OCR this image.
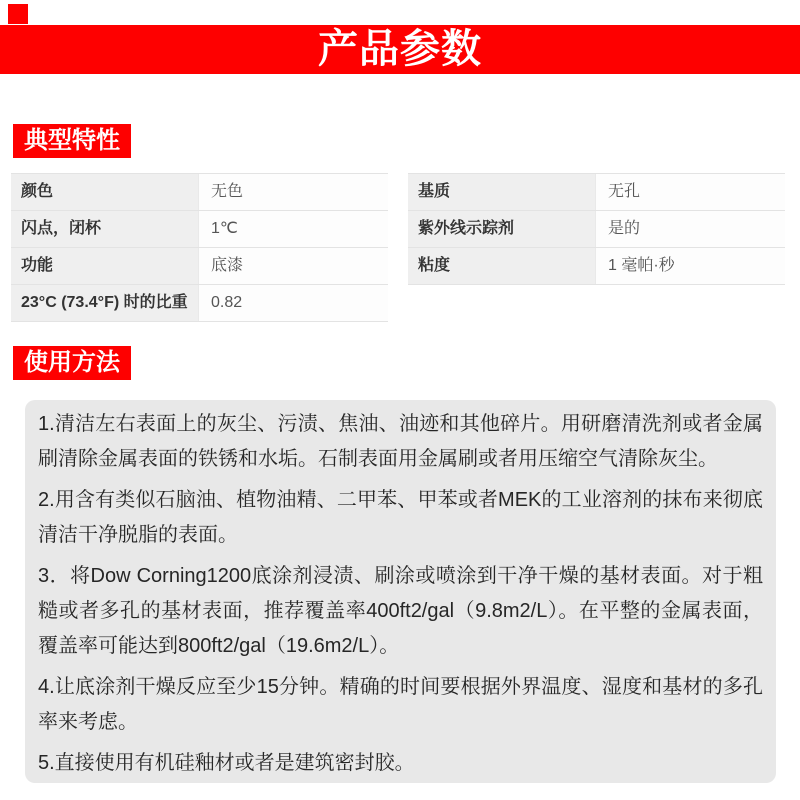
产品参数
典型特性
颜色	无色
闪点，闭杯	1℃
功能	底漆
23°C (73.4°F) 时的比重	0.82
基质	无孔
紫外线示踪剂	是的
粘度	1 毫帕·秒
使用方法

1.清洁左右表面上的灰尘、污渍、焦油、油迹和其他碎片。用研磨清洗剂或者金属刷清除金属表面的铁锈和水垢。石制表面用金属刷或者用压缩空气清除灰尘。

2.用含有类似石脑油、植物油精、二甲苯、甲苯或者MEK的工业溶剂的抹布来彻底清洁干净脱脂的表面。

3．将Dow Corning1200底涂剂浸渍、刷涂或喷涂到干净干燥的基材表面。对于粗糙或者多孔的基材表面，推荐覆盖率400ft2/gal（9.8m2/L）。在平整的金属表面，覆盖率可能达到800ft2/gal（19.6m2/L）。

4.让底涂剂干燥反应至少15分钟。精确的时间要根据外界温度、湿度和基材的多孔率来考虑。

5.直接使用有机硅釉材或者是建筑密封胶。
